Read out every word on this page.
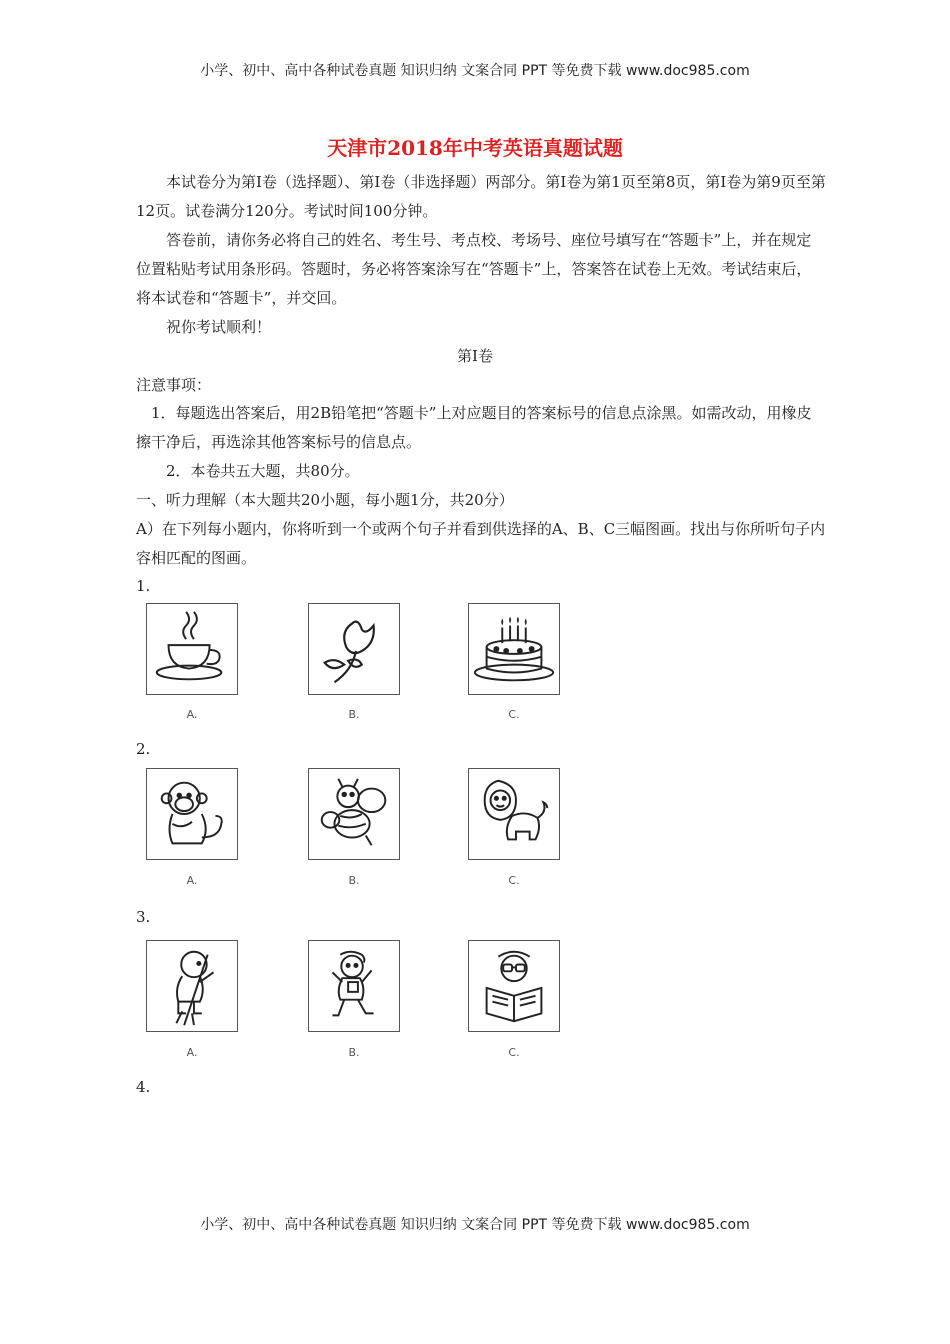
小学、初中、高中各种试卷真题 知识归纳 文案合同 PPT 等免费下载 www.doc985.com
天津市2018年中考英语真题试题

本试卷分为第I卷（选择题）、第I卷（非选择题）两部分。第I卷为第1页至第8页，第I卷为第9页至第12页。试卷满分120分。考试时间100分钟。

答卷前，请你务必将自己的姓名、考生号、考点校、考场号、座位号填写在“答题卡”上，并在规定位置粘贴考试用条形码。答题时，务必将答案涂写在“答题卡”上，答案答在试卷上无效。考试结束后，将本试卷和“答题卡”，并交回。

祝你考试顺利！

第I卷

注意事项：

1．每题选出答案后，用2B铅笔把“答题卡”上对应题目的答案标号的信息点涂黑。如需改动，用橡皮擦干净后，再选涂其他答案标号的信息点。

2．本卷共五大题，共80分。

一、听力理解（本大题共20小题，每小题1分，共20分）

A）在下列每小题内，你将听到一个或两个句子并看到供选择的A、B、C三幅图画。找出与你所听句子内容相匹配的图画。

1.
A.	B.	C.
2.
A.	B.	C.
3.
A.	B.	C.
4.
小学、初中、高中各种试卷真题 知识归纳 文案合同 PPT 等免费下载 www.doc985.com
